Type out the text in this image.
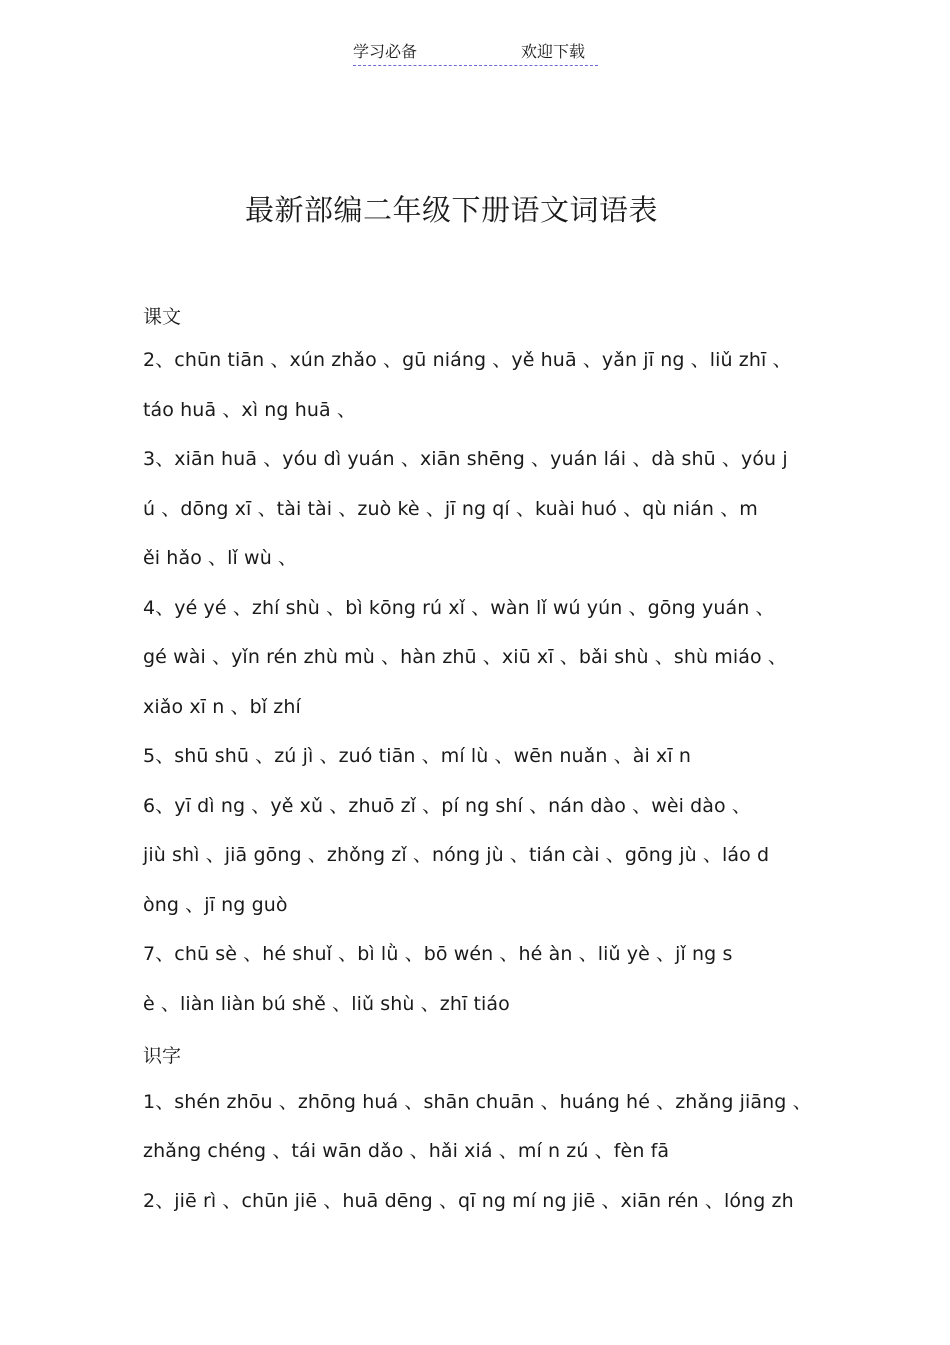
学习必备	欢迎下载
最新部编二年级下册语文词语表
课文
2、chūn tiān 、xún zhǎo 、gū niáng 、yě huā 、yǎn jī ng 、liǔ zhī 、
táo huā 、xì ng huā 、
3、xiān huā 、yóu dì yuán 、xiān shēng 、yuán lái 、dà shū 、yóu j
ú 、dōng xī 、tài tài 、zuò kè 、jī ng qí 、kuài huó 、qù nián 、m
ěi hǎo 、lǐ wù 、
4、yé yé 、zhí shù 、bì kōng rú xǐ 、wàn lǐ wú yún 、gōng yuán 、
gé wài 、yǐn rén zhù mù 、hàn zhū 、xiū xī 、bǎi shù 、shù miáo 、
xiǎo xī n 、bǐ zhí
5、shū shū 、zú jì 、zuó tiān 、mí lù 、wēn nuǎn 、ài xī n
6、yī dì ng 、yě xǔ 、zhuō zǐ 、pí ng shí 、nán dào 、wèi dào 、
jiù shì 、jiā gōng 、zhǒng zǐ 、nóng jù 、tián cài 、gōng jù 、láo d
òng 、jī ng guò
7、chū sè 、hé shuǐ 、bì lǜ 、bō wén 、hé àn 、liǔ yè 、jǐ ng s
è 、liàn liàn bú shě 、liǔ shù 、zhī tiáo
识字
1、shén zhōu 、zhōng huá 、shān chuān 、huáng hé 、zhǎng jiāng 、
zhǎng chéng 、tái wān dǎo 、hǎi xiá 、mí n zú 、fèn fā
2、jiē rì 、chūn jiē 、huā dēng 、qī ng mí ng jiē 、xiān rén 、lóng zh
